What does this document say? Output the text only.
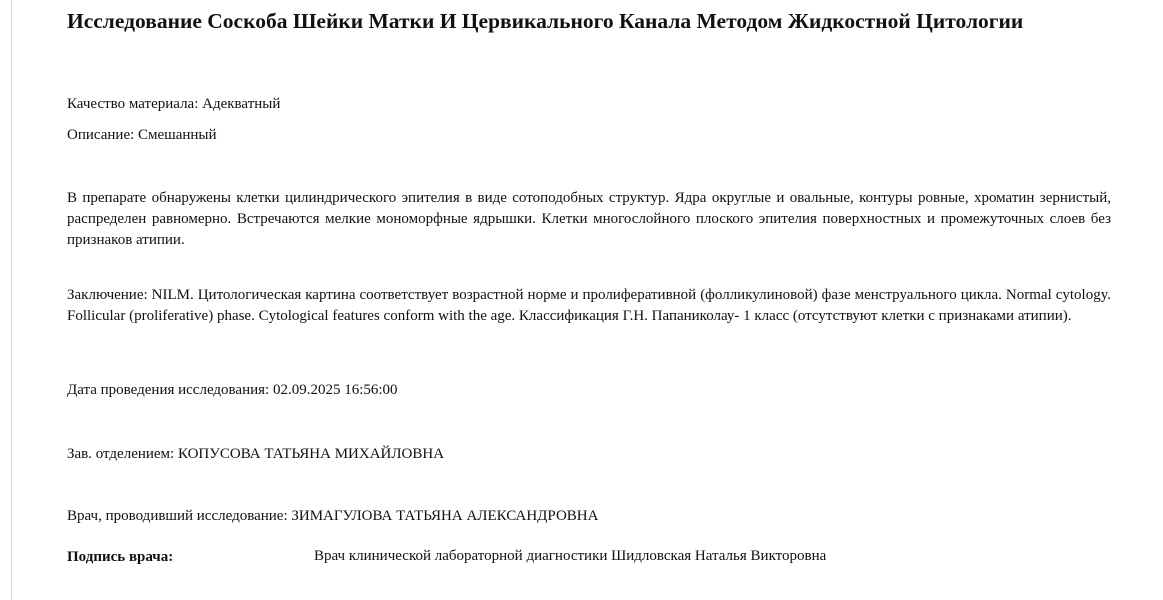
Исследование Соскоба Шейки Матки И Цервикального Канала Методом Жидкостной Цитологии

Качество материала: Адекватный

Описание: Смешанный

В препарате обнаружены клетки цилиндрического эпителия в виде сотоподобных структур. Ядра округлые и овальные, контуры ровные, хроматин зернистый, распределен равномерно. Встречаются мелкие мономорфные ядрышки. Клетки многослойного плоского эпителия поверхностных и промежуточных слоев без признаков атипии.

Заключение: NILM. Цитологическая картина соответствует возрастной норме и пролиферативной (фолликулиновой) фазе менструального цикла. Normal cytology. Follicular (proliferative) phase. Cytological features conform with the age. Классификация Г.Н. Папаниколау- 1 класс (отсутствуют клетки с признаками атипии).

Дата проведения исследования: 02.09.2025 16:56:00

Зав. отделением: КОПУСОВА ТАТЬЯНА МИХАЙЛОВНА

Врач, проводивший исследование: ЗИМАГУЛОВА ТАТЬЯНА АЛЕКСАНДРОВНА

Подпись врача:	Врач клинической лабораторной диагностики Шидловская Наталья Викторовна
